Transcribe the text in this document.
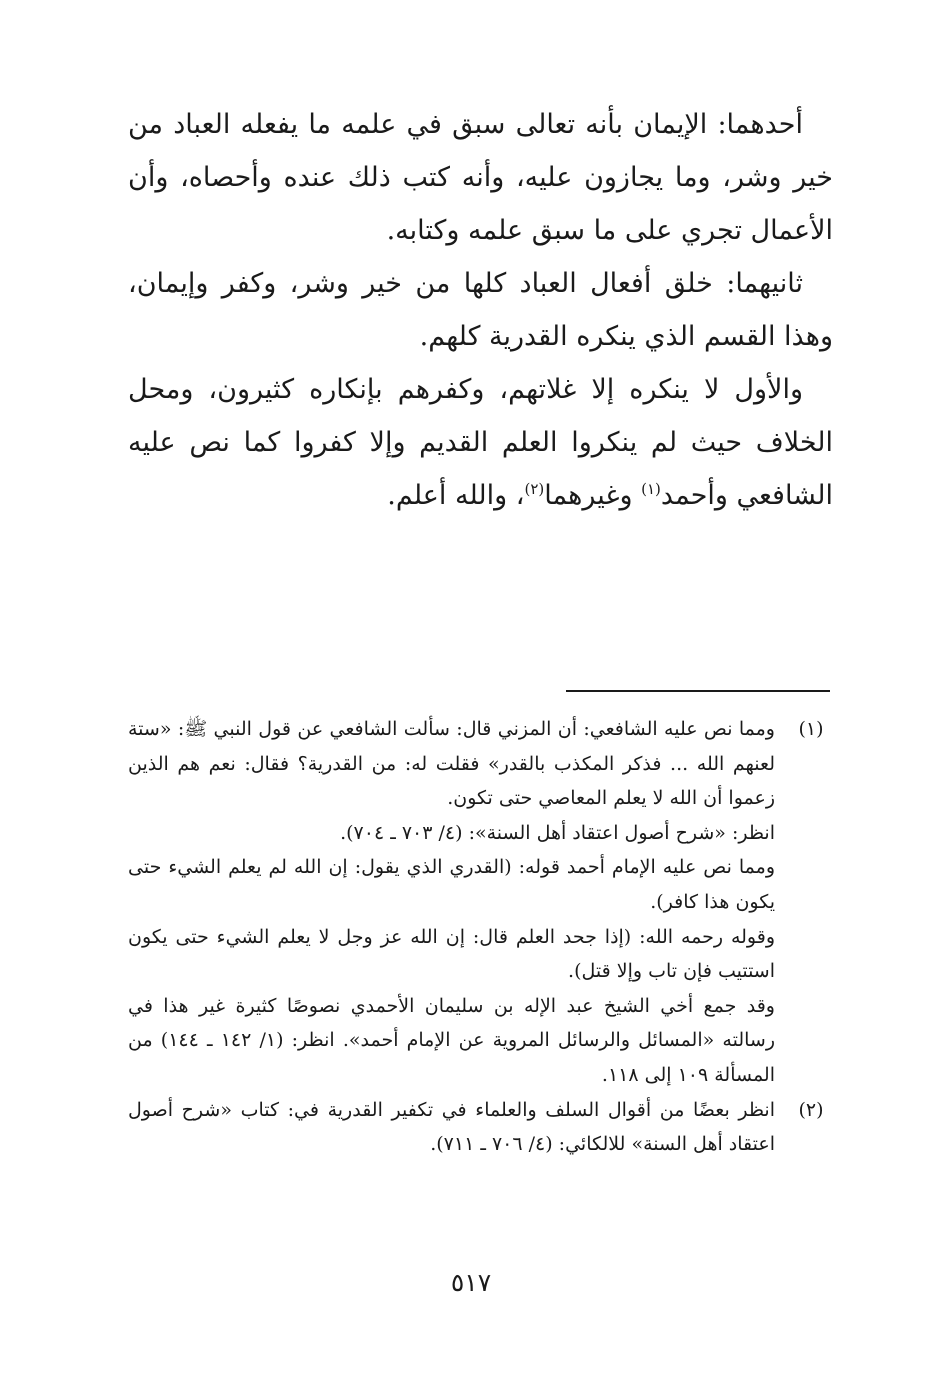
أحدهما: الإيمان بأنه تعالى سبق في علمه ما يفعله العباد من خير وشر، وما يجازون عليه، وأنه كتب ذلك عنده وأحصاه، وأن الأعمال تجري على ما سبق علمه وكتابه.

ثانيهما: خلق أفعال العباد كلها من خير وشر، وكفر وإيمان، وهذا القسم الذي ينكره القدرية كلهم.

والأول لا ينكره إلا غلاتهم، وكفرهم بإنكاره كثيرون، ومحل الخلاف حيث لم ينكروا العلم القديم وإلا كفروا كما نص عليه الشافعي وأحمد$^{(١)}$ وغيرهما$^{(٢)}$، والله أعلم.

(١)

ومما نص عليه الشافعي: أن المزني قال: سألت الشافعي عن قول النبي ﷺ: «ستة لعنهم الله ... فذكر المكذب بالقدر» فقلت له: من القدرية؟ فقال: نعم هم الذين زعموا أن الله لا يعلم المعاصي حتى تكون.

انظر: «شرح أصول اعتقاد أهل السنة»: (٤/ ٧٠٣ ـ ٧٠٤).

ومما نص عليه الإمام أحمد قوله: (القدري الذي يقول: إن الله لم يعلم الشيء حتى يكون هذا كافر).

وقوله رحمه الله: (إذا جحد العلم قال: إن الله عز وجل لا يعلم الشيء حتى يكون استتيب فإن تاب وإلا قتل).

وقد جمع أخي الشيخ عبد الإله بن سليمان الأحمدي نصوصًا كثيرة غير هذا في رسالته «المسائل والرسائل المروية عن الإمام أحمد». انظر: (١/ ١٤٢ ـ ١٤٤) من المسألة ١٠٩ إلى ١١٨.

(٢)

انظر بعضًا من أقوال السلف والعلماء في تكفير القدرية في: كتاب «شرح أصول اعتقاد أهل السنة» للالكائي: (٤/ ٧٠٦ ـ ٧١١).

٥١٧
